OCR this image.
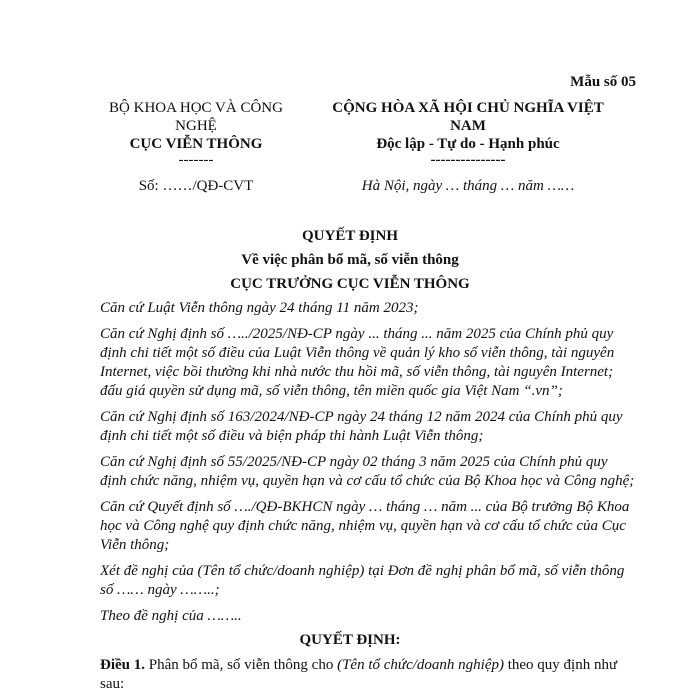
Mẫu số 05
BỘ KHOA HỌC VÀ CÔNG NGHỆ
CỤC VIỄN THÔNG
-------
CỘNG HÒA XÃ HỘI CHỦ NGHĨA VIỆT NAM
Độc lập - Tự do - Hạnh phúc
---------------
Số: ……/QĐ-CVT	Hà Nội, ngày … tháng … năm ……
QUYẾT ĐỊNH
Về việc phân bổ mã, số viễn thông
CỤC TRƯỞNG CỤC VIỄN THÔNG

Căn cứ Luật Viễn thông ngày 24 tháng 11 năm 2023;

Căn cứ Nghị định số …../2025/NĐ-CP ngày ... tháng ... năm 2025 của Chính phủ quy định chi tiết một số điều của Luật Viễn thông về quản lý kho số viễn thông, tài nguyên Internet, việc bồi thường khi nhà nước thu hồi mã, số viễn thông, tài nguyên Internet; đấu giá quyền sử dụng mã, số viễn thông, tên miền quốc gia Việt Nam “.vn”;

Căn cứ Nghị định số 163/2024/NĐ-CP ngày 24 tháng 12 năm 2024 của Chính phủ quy định chi tiết một số điều và biện pháp thi hành Luật Viễn thông;

Căn cứ Nghị định số 55/2025/NĐ-CP ngày 02 tháng 3 năm 2025 của Chính phủ quy định chức năng, nhiệm vụ, quyền hạn và cơ cấu tổ chức của Bộ Khoa học và Công nghệ;

Căn cứ Quyết định số …./QĐ-BKHCN ngày … tháng … năm ... của Bộ trưởng Bộ Khoa học và Công nghệ quy định chức năng, nhiệm vụ, quyền hạn và cơ cấu tổ chức của Cục Viễn thông;

Xét đề nghị của (Tên tổ chức/doanh nghiệp) tại Đơn đề nghị phân bổ mã, số viễn thông số …… ngày ……..;

Theo đề nghị của ……..

QUYẾT ĐỊNH:
Điều 1. Phân bổ mã, số viễn thông cho (Tên tổ chức/doanh nghiệp) theo quy định như sau:
